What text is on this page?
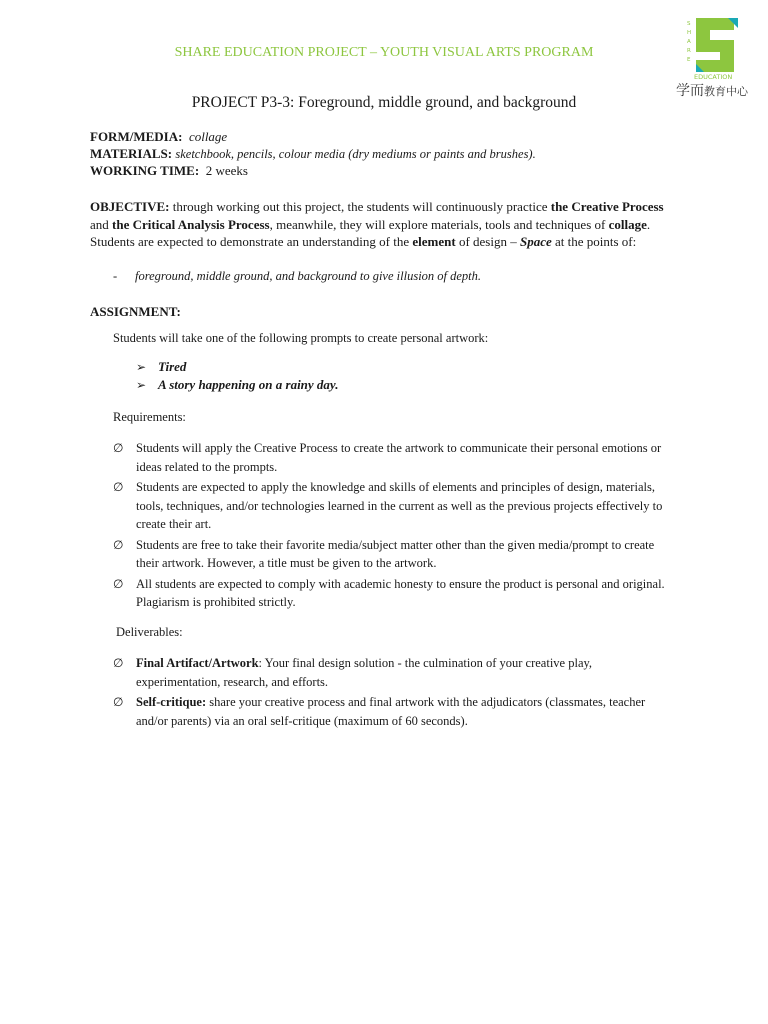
SHARE EDUCATION PROJECT – YOUTH VISUAL ARTS PROGRAM
S
H
A
R
E
EDUCATION
学而教育中心
PROJECT P3-3: Foreground, middle ground, and background
FORM/MEDIA: collage
MATERIALS: sketchbook, pencils, colour media (dry mediums or paints and brushes).
WORKING TIME: 2 weeks
OBJECTIVE: through working out this project, the students will continuously practice the Creative Process and the Critical Analysis Process, meanwhile, they will explore materials, tools and techniques of collage. Students are expected to demonstrate an understanding of the element of design – Space at the points of:
- foreground, middle ground, and background to give illusion of depth.
ASSIGNMENT:
Students will take one of the following prompts to create personal artwork:
➢ Tired
➢ A story happening on a rainy day.
Requirements:
∅ Students will apply the Creative Process to create the artwork to communicate their personal emotions or ideas related to the prompts.
∅ Students are expected to apply the knowledge and skills of elements and principles of design, materials, tools, techniques, and/or technologies learned in the current as well as the previous projects effectively to create their art.
∅ Students are free to take their favorite media/subject matter other than the given media/prompt to create their artwork. However, a title must be given to the artwork.
∅ All students are expected to comply with academic honesty to ensure the product is personal and original. Plagiarism is prohibited strictly.
Deliverables:
∅ Final Artifact/Artwork: Your final design solution - the culmination of your creative play, experimentation, research, and efforts.
∅ Self-critique: share your creative process and final artwork with the adjudicators (classmates, teacher and/or parents) via an oral self-critique (maximum of 60 seconds).
